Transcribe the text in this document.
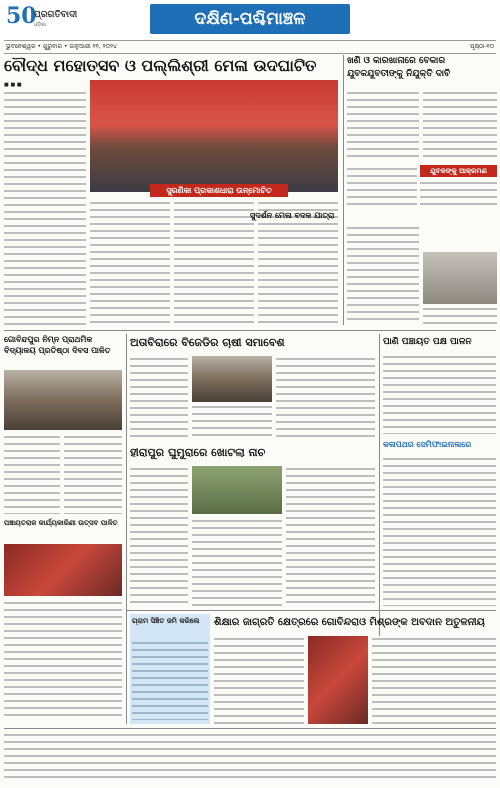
50
ପ୍ରଗତିବାଦୀ
ଓଡ଼ିଶା	ଦକ୍ଷିଣ-ପଶ୍ଚିମାଞ୍ଚଳ
ଭୁବନେଶ୍ୱର • ଗୁରୁବାର • ଜାନୁଆରୀ ୧୧, ୨୦୨୪	ପୃଷ୍ଠା-୧୦
ବୌଦ୍ଧ ମହୋତ୍ସବ ଓ ପଲ୍ଲିଶ୍ରୀ ମେଳା ଉଦଘାଟିତ
■ ■ ■
ସୁରଣିକା ପ୍ରକାଶଧାରା ଉନ୍ମୋଚିତ
ଖଣି ଓ କାରଖାନାରେ ବେକାର ଯୁବକଯୁବତୀଙ୍କୁ ନିଯୁକ୍ତି ଦାବି
ଯୁବକଙ୍କୁ ଆକ୍ରମଣ
ସୁଦର୍ଶନ ମେଳା ବଦଳ ଯାତ୍ରା
ଗୋବିନ୍ଦପୁର ନିମ୍ନ ପ୍ରାଥମିକ ବିଦ୍ୟାଳୟ ପ୍ରତିଷ୍ଠା ଦିବସ ପାଳିତ
ପଞ୍ଚାୟତରାଜ କାର୍ଯ୍ୟକାରିଣୀ ଉତ୍ସବ ପାଳିତ
ଅତାବିରାରେ ବିଜେଡିର ଚାଷୀ ସମାବେଶ
ହୀରାପୁର ଘୁମୁରାରେ ଖୋଟଲା ନାଚ
ପାଣି ପଞ୍ଚାୟତ ପକ୍ଷ ପାଳନ
କଳାପଥର ସେମିଫାଇନାଲରେ
ଗ୍ରାମ ସିଞ୍ଚିତ ଜମି କରିଲେ	ଶିକ୍ଷାର ଜାଗ୍ରତି କ୍ଷେତ୍ରରେ ଗୋବିନ୍ଦରାଓ ମିଶ୍ରଙ୍କ ଅବଦାନ ଅତୁଳନୀୟ
